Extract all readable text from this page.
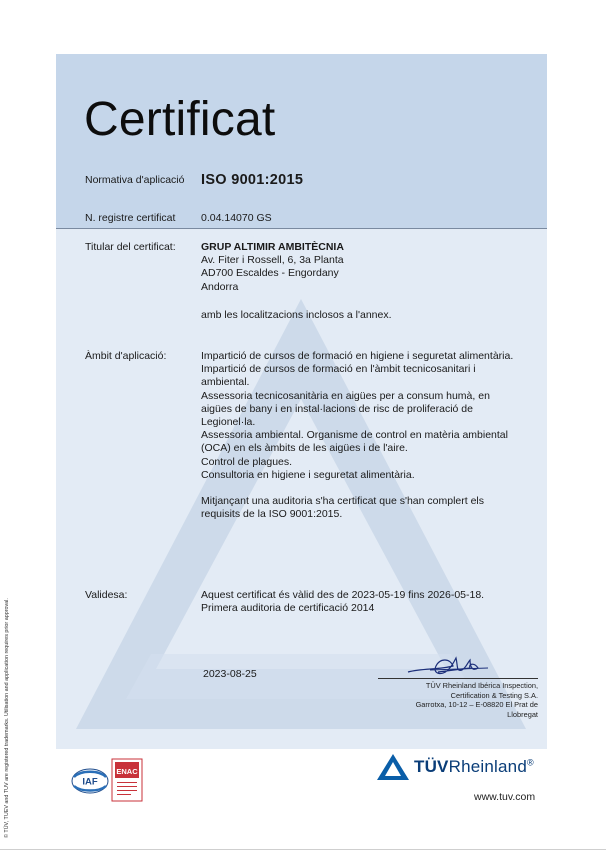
© TÜV, TUEV and TUV are registered trademarks. Utilisation and application requires prior approval.
Certificat
Normativa d'aplicació ISO 9001:2015
N. registre certificat 0.04.14070 GS
Titular del certificat: GRUP ALTIMIR AMBITÈCNIA
Av. Fiter i Rossell, 6, 3a Planta
AD700 Escaldes - Engordany
Andorra
amb les localitzacions inclosos a l'annex.
Àmbit d'aplicació:	Impartició de cursos de formació en higiene i seguretat alimentària.
Impartició de cursos de formació en l'àmbit tecnicosanitari i
ambiental.
Assessoria tecnicosanitària en aigües per a consum humà, en
aigües de bany i en instal·lacions de risc de proliferació de
Legionel·la.
Assessoria ambiental. Organisme de control en matèria ambiental
(OCA) en els àmbits de les aigües i de l'aire.
Control de plagues.
Consultoria en higiene i seguretat alimentària.
Mitjançant una auditoria s'ha certificat que s'han complert els
requisits de la ISO 9001:2015.
Validesa:	Aquest certificat és vàlid des de 2023-05-19 fins 2026-05-18.
Primera auditoria de certificació 2014
2023-08-25
TÜV Rheinland Ibérica Inspection,
Certification & Testing S.A.
Garrotxa, 10-12 – E-08820 El Prat de
Llobregat
IAF
ENAC	TÜVRheinland®
www.tuv.com
